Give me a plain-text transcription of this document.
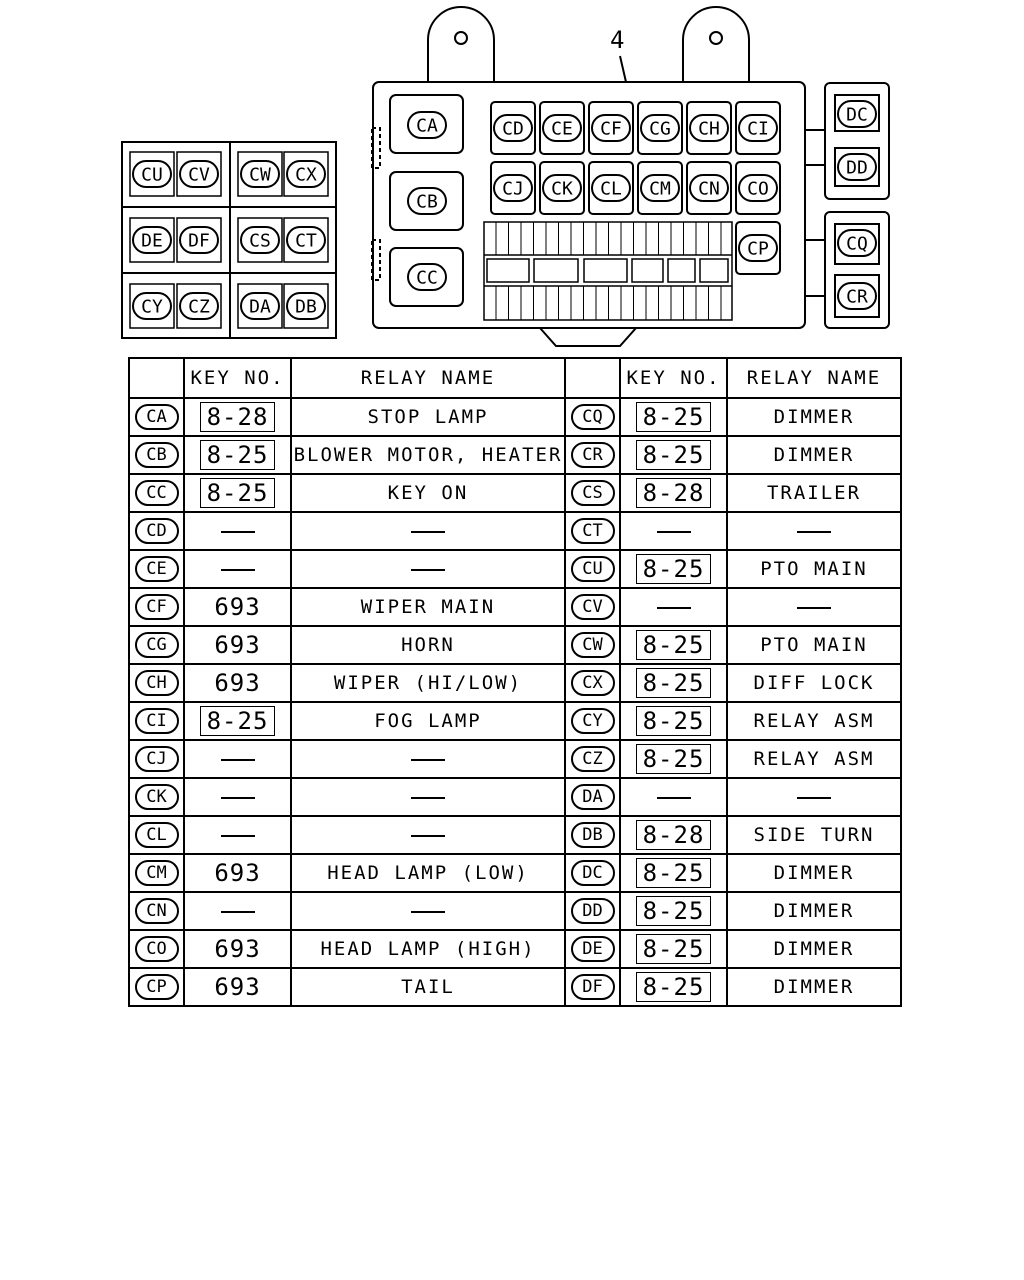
4
CA
CB
CC
CD CE CF CG CH CI
CJ CK CL CM CN CO
CP
DC
DD
CQ
CR
CU CV CW CX
DE DF CS CT
CY CZ DA DB
	KEY NO.	RELAY NAME		KEY NO.	RELAY NAME
CA	8-28	STOP LAMP	CQ	8-25	DIMMER
CB	8-25	BLOWER MOTOR, HEATER	CR	8-25	DIMMER
CC	8-25	KEY ON	CS	8-28	TRAILER
CD			CT		
CE			CU	8-25	PTO MAIN
CF	693	WIPER MAIN	CV		
CG	693	HORN	CW	8-25	PTO MAIN
CH	693	WIPER (HI/LOW)	CX	8-25	DIFF LOCK
CI	8-25	FOG LAMP	CY	8-25	RELAY ASM
CJ			CZ	8-25	RELAY ASM
CK			DA		
CL			DB	8-28	SIDE TURN
CM	693	HEAD LAMP (LOW)	DC	8-25	DIMMER
CN			DD	8-25	DIMMER
CO	693	HEAD LAMP (HIGH)	DE	8-25	DIMMER
CP	693	TAIL	DF	8-25	DIMMER
